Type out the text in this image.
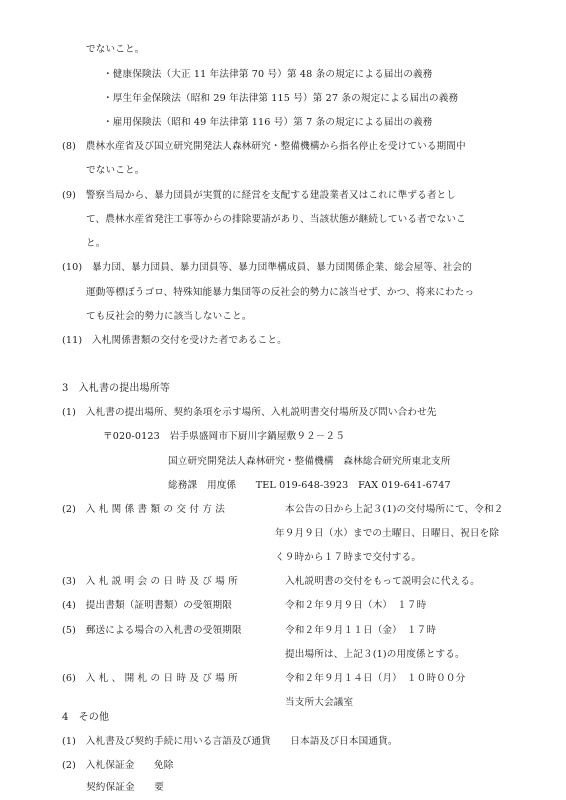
でないこと。
・健康保険法（大正 11 年法律第 70 号）第 48 条の規定による届出の義務
・厚生年金保険法（昭和 29 年法律第 115 号）第 27 条の規定による届出の義務
・雇用保険法（昭和 49 年法律第 116 号）第 7 条の規定による届出の義務
(8)　農林水産省及び国立研究開発法人森林研究・整備機構から指名停止を受けている期間中
でないこと。
(9)　警察当局から、暴力団員が実質的に経営を支配する建設業者又はこれに準ずる者とし
て、農林水産省発注工事等からの排除要請があり、当該状態が継続している者でないこ
と。
(10)　暴力団、暴力団員、暴力団員等、暴力団準構成員、暴力団関係企業、総会屋等、社会的
運動等標ぼうゴロ、特殊知能暴力集団等の反社会的勢力に該当せず、かつ、将来にわたっ
ても反社会的勢力に該当しないこと。
(11)　入札関係書類の交付を受けた者であること。
3　入札書の提出場所等
(1)　入札書の提出場所、契約条項を示す場所、入札説明書交付場所及び問い合わせ先
〒020-0123　岩手県盛岡市下厨川字鍋屋敷９２－２５
国立研究開発法人森林研究・整備機構　森林総合研究所東北支所
総務課　用度係　　TEL 019-648-3923　FAX 019-641-6747
(2)　入 札 関 係 書 類 の 交 付 方 法	本公告の日から上記３(1)の交付場所にて、令和２
年９月９日（水）までの土曜日、日曜日、祝日を除
く９時から１７時まで交付する。
(3)　入 札 説 明 会 の 日 時 及 び 場 所	入札説明書の交付をもって説明会に代える。
(4)　提出書類（証明書類）の受領期限	令和２年９月９日（木）　１７時
(5)　郵送による場合の入札書の受領期限	令和２年９月１１日（金）　１７時
提出場所は、上記３(1)の用度係とする。
(6)　入 札 、 開 札 の 日 時 及 び 場 所	令和２年９月１４日（月）　１０時００分
当支所大会議室
4　その他
(1)　入札書及び契約手続に用いる言語及び通貨　　日本語及び日本国通貨。
(2)　入札保証金　　免除
契約保証金　　要
